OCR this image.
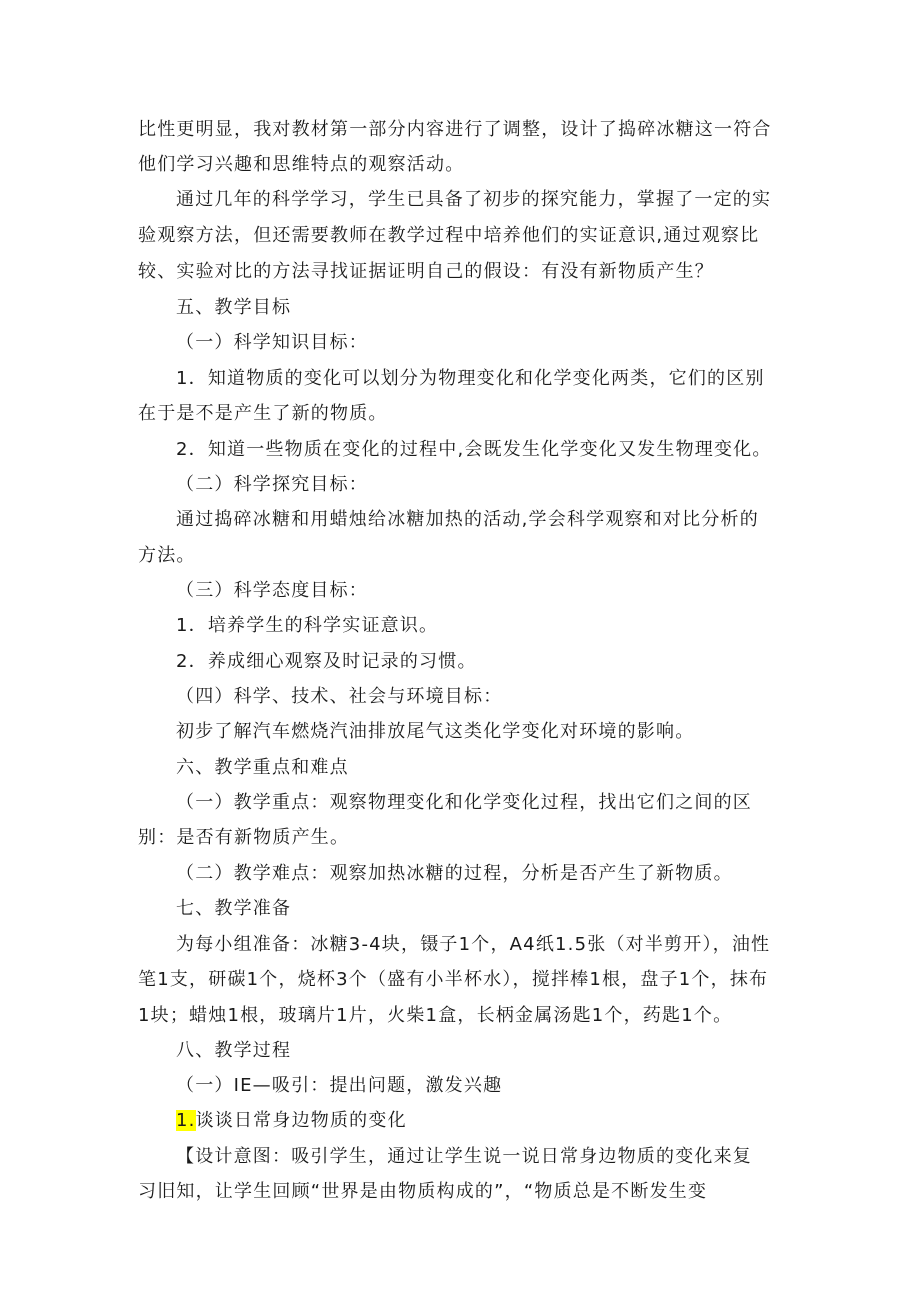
比性更明显，我对教材第一部分内容进行了调整，设计了捣碎冰糖这一符合
他们学习兴趣和思维特点的观察活动。
通过几年的科学学习，学生已具备了初步的探究能力，掌握了一定的实
验观察方法，但还需要教师在教学过程中培养他们的实证意识,通过观察比
较、实验对比的方法寻找证据证明自己的假设：有没有新物质产生？
五、教学目标
（一）科学知识目标：
1．知道物质的变化可以划分为物理变化和化学变化两类，它们的区别
在于是不是产生了新的物质。
2．知道一些物质在变化的过程中,会既发生化学变化又发生物理变化。
（二）科学探究目标：
通过捣碎冰糖和用蜡烛给冰糖加热的活动,学会科学观察和对比分析的
方法。
（三）科学态度目标：
1．培养学生的科学实证意识。
2．养成细心观察及时记录的习惯。
（四）科学、技术、社会与环境目标：
初步了解汽车燃烧汽油排放尾气这类化学变化对环境的影响。
六、教学重点和难点
（一）教学重点：观察物理变化和化学变化过程，找出它们之间的区
别：是否有新物质产生。
（二）教学难点：观察加热冰糖的过程，分析是否产生了新物质。
七、教学准备
为每小组准备：冰糖3-4块，镊子1个，A4纸1.5张（对半剪开），油性
笔1支，研碳1个，烧杯3个（盛有小半杯水），搅拌棒1根，盘子1个，抹布
1块；蜡烛1根，玻璃片1片，火柴1盒，长柄金属汤匙1个，药匙1个。
八、教学过程
（一）IE—吸引：提出问题，激发兴趣
1.谈谈日常身边物质的变化
【设计意图：吸引学生，通过让学生说一说日常身边物质的变化来复
习旧知，让学生回顾“世界是由物质构成的”，“物质总是不断发生变
